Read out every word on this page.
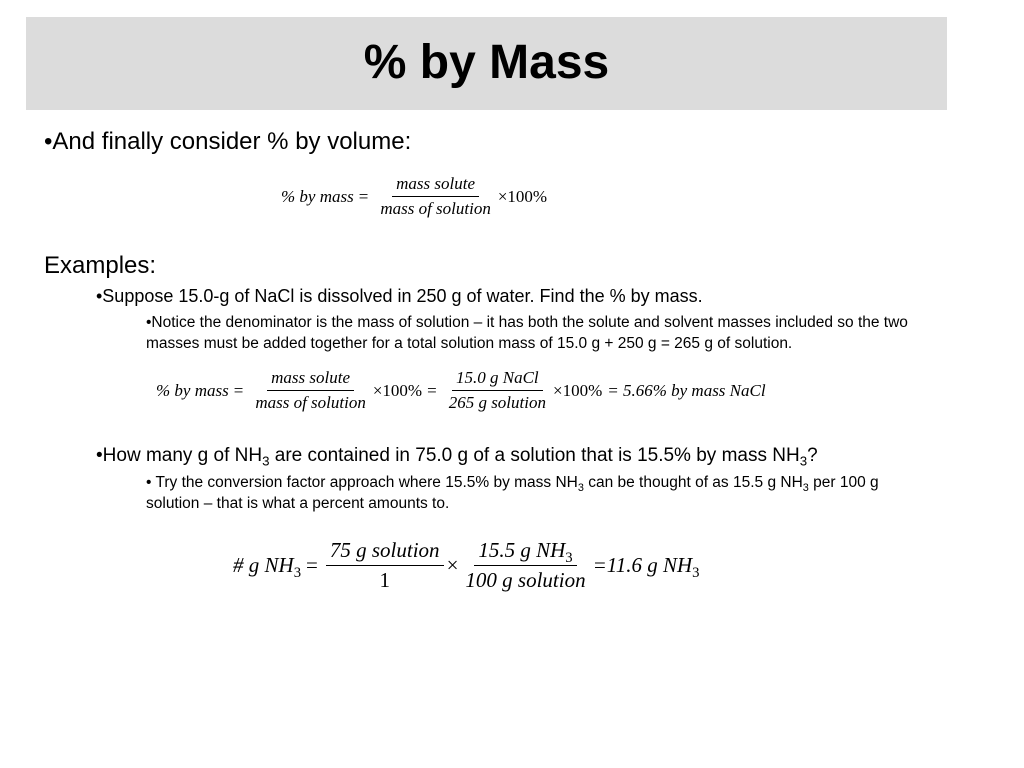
% by Mass
•And finally consider % by volume:
% by mass = $\frac{\text{mass solute}}{\text{mass of solution}} \times 100\%$
Examples:
•Suppose 15.0-g of NaCl is dissolved in 250 g of water. Find the % by mass.
•Notice the denominator is the mass of solution – it has both the solute and solvent masses included so the two
masses must be added together for a total solution mass of 15.0 g + 250 g = 265 g of solution.
% by mass = $\frac{\text{mass solute}}{\text{mass of solution}} \times 100\% = \frac{\text{15.0 g NaCl}}{\text{265 g solution}} \times 100\% = 5.66\%$ by mass NaCl
•How many g of $NH_3$ are contained in 75.0 g of a solution that is 15.5% by mass $NH_3$?
• Try the conversion factor approach where 15.5% by mass $NH_3$ can be thought of as 15.5 g $NH_3$ per 100 g
solution – that is what a percent amounts to.
# g $NH_3 = \frac{\text{75 g solution}}{1} \times \frac{15.5 g NH_3}{\text{100 g solution}} =11.6$ g $NH_3$
